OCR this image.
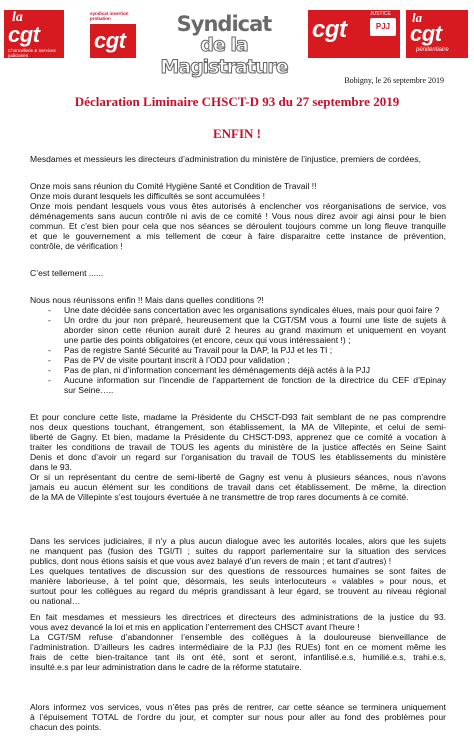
la
cgt
Chancellerie & Services judiciaires
syndicat insertion probation
cgt
Syndicat
de la Magistrature
cgt
JUSTICE
PJJ
la
cgt
pénitentiaire
Bobigny, le 26 septembre 2019
Déclaration Liminaire CHSCT-D 93 du 27 septembre 2019
ENFIN !
Mesdames et messieurs les directeurs d’administration du ministère de l’injustice, premiers de cordées,
Onze mois sans réunion du Comité Hygiène Santé et Condition de Travail !!
Onze mois durant lesquels les difficultés se sont accumulées !
Onze mois pendant lesquels vous vous êtes autorisés à enclencher vos réorganisations de service, vos
déménagements sans aucun contrôle ni avis de ce comité ! Vous nous direz avoir agi ainsi pour le bien
commun. Et c’est bien pour cela que nos séances se déroulent toujours comme un long fleuve tranquille
et que le gouvernement a mis tellement de cœur à faire disparaitre cette instance de prévention,
contrôle, de vérification !
C’est tellement ......
Nous nous réunissons enfin !! Mais dans quelles conditions ?!
- Une date décidée sans concertation avec les organisations syndicales élues, mais pour quoi faire ?
- Un ordre du jour non préparé, heureusement que la CGT/SM vous a fourni une liste de sujets à
aborder sinon cette réunion aurait duré 2 heures au grand maximum et uniquement en voyant
une partie des points obligatoires (et encore, ceux qui vous intéressaient !) ;
- Pas de registre Santé Sécurité au Travail pour la DAP, la PJJ et les TI ;
- Pas de PV de visite pourtant inscrit à l’ODJ pour validation ;
- Pas de plan, ni d’information concernant les déménagements déjà actés à la PJJ
- Aucune information sur l’incendie de l’appartement de fonction de la directrice du CEF d’Epinay
sur Seine…..
Et pour conclure cette liste, madame la Présidente du CHSCT-D93 fait semblant de ne pas comprendre
nos deux questions touchant, étrangement, son établissement, la MA de Villepinte, et celui de semi-
liberté de Gagny. Et bien, madame la Présidente du CHSCT-D93, apprenez que ce comité a vocation à
traiter les conditions de travail de TOUS les agents du ministère de la justice affectés en Seine Saint
Denis et donc d’avoir un regard sur l’organisation du travail de TOUS les établissements du ministère
dans le 93.
Or si un représentant du centre de semi-liberté de Gagny est venu à plusieurs séances, nous n’avons
jamais eu aucun élément sur les conditions de travail dans cet établissement. De même, la direction
de la MA de Villepinte s’est toujours évertuée à ne transmettre de trop rares documents à ce comité.
Dans les services judiciaires, il n’y a plus aucun dialogue avec les autorités locales, alors que les sujets
ne manquent pas (fusion des TGI/TI ; suites du rapport parlementaire sur la situation des services
publics, dont nous étions saisis et que vous avez balayé d’un revers de main ; et tant d’autres) !
Les quelques tentatives de discussion sur des questions de ressources humaines se sont faites de
manière laborieuse, à tel point que, désormais, les seuls interlocuteurs « valables » pour nous, et
surtout pour les collègues au regard du mépris grandissant à leur égard, se trouvent au niveau régional
ou national…
En fait mesdames et messieurs les directrices et directeurs des administrations de la justice du 93.
vous avez devancé la loi et mis en application l’enterrement des CHSCT avant l’heure !
La CGT/SM refuse d’abandonner l’ensemble des collègues à la douloureuse bienveillance de
l’administration. D’ailleurs les cadres intermédiaire de la PJJ (les RUEs) font en ce moment même les
frais de cette bien-traitance tant ils ont été, sont et seront, infantilisé.e.s, humilié.e.s, trahi.e.s,
insulté.e.s par leur administration dans le cadre de la réforme statutaire.
Alors informez vos services, vous n’êtes pas près de rentrer, car cette séance se terminera uniquement
à l’épuisement TOTAL de l’ordre du jour, et compter sur nous pour aller au fond des problèmes pour
chacun des points.
